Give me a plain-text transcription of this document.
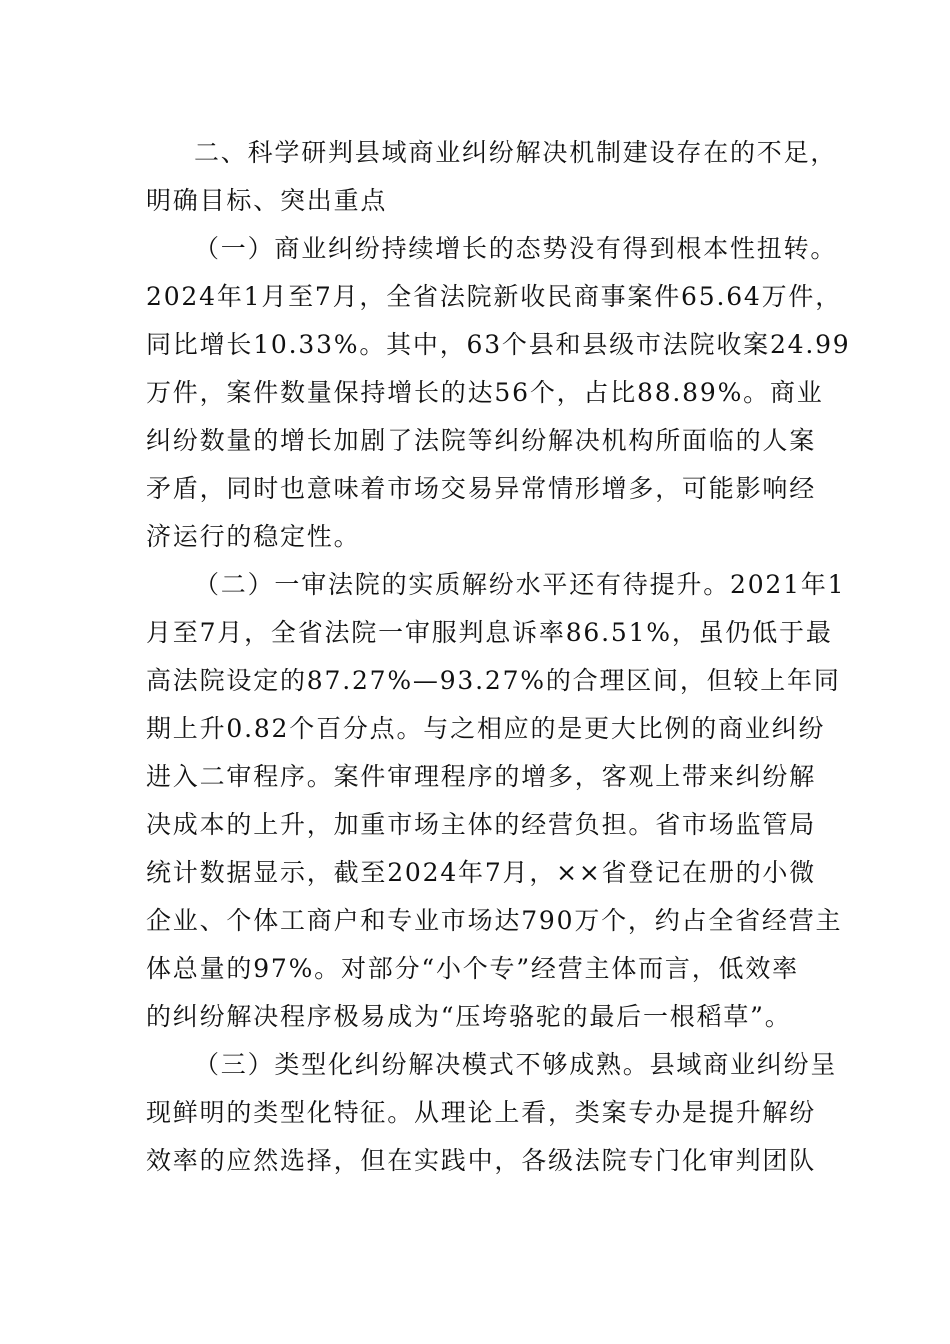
二、科学研判县域商业纠纷解决机制建设存在的不足，
明确目标、突出重点
（一）商业纠纷持续增长的态势没有得到根本性扭转。
2024年1月至7月，全省法院新收民商事案件65.64万件，
同比增长10.33%。其中，63个县和县级市法院收案24.99
万件，案件数量保持增长的达56个，占比88.89%。商业
纠纷数量的增长加剧了法院等纠纷解决机构所面临的人案
矛盾，同时也意味着市场交易异常情形增多，可能影响经
济运行的稳定性。
（二）一审法院的实质解纷水平还有待提升。2021年1
月至7月，全省法院一审服判息诉率86.51%，虽仍低于最
高法院设定的87.27%—93.27%的合理区间，但较上年同
期上升0.82个百分点。与之相应的是更大比例的商业纠纷
进入二审程序。案件审理程序的增多，客观上带来纠纷解
决成本的上升，加重市场主体的经营负担。省市场监管局
统计数据显示，截至2024年7月，××省登记在册的小微
企业、个体工商户和专业市场达790万个，约占全省经营主
体总量的97%。对部分“小个专”经营主体而言，低效率
的纠纷解决程序极易成为“压垮骆驼的最后一根稻草”。
（三）类型化纠纷解决模式不够成熟。县域商业纠纷呈
现鲜明的类型化特征。从理论上看，类案专办是提升解纷
效率的应然选择，但在实践中，各级法院专门化审判团队
